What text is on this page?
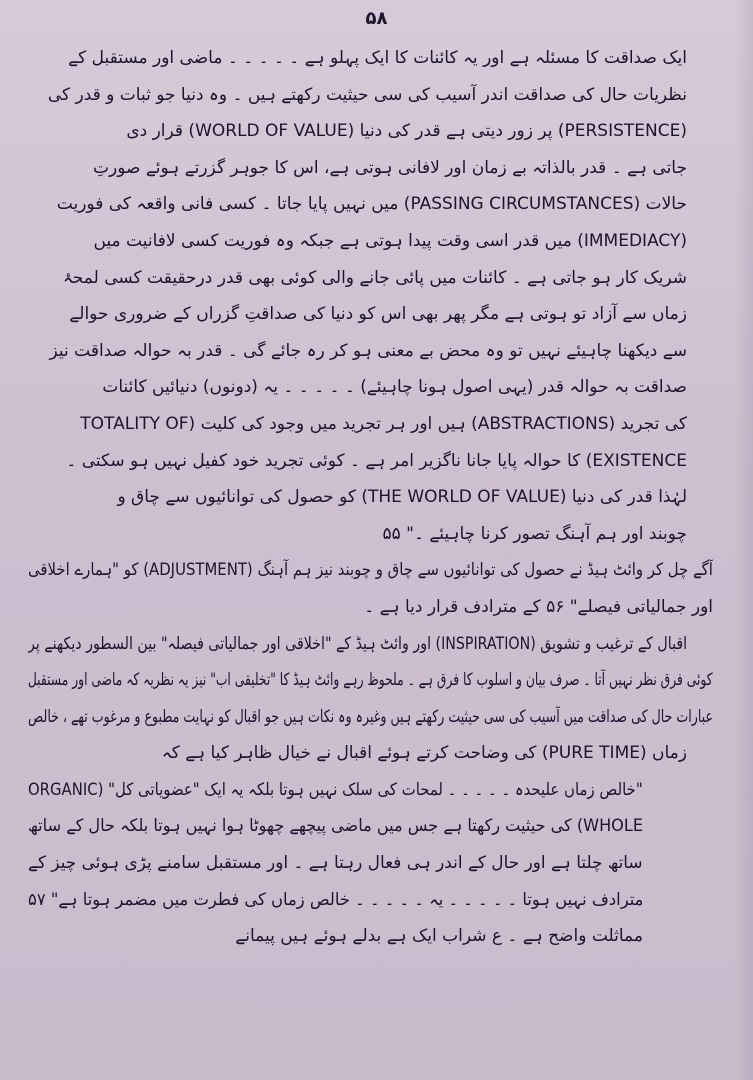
۵۸
ایک صداقت کا مسئلہ ہے اور یہ کائنات کا ایک پہلو ہے ۔ ۔ ۔ ۔ ۔ ماضی اور مستقبل کے
نظریات حال کی صداقت اندر آسیب کی سی حیثیت رکھتے ہیں ۔ وہ دنیا جو ثبات و قدر کی
(PERSISTENCE) پر زور دیتی ہے قدر کی دنیا (WORLD OF VALUE) قرار دی
جاتی ہے ۔ قدر بالذاتہ بے زمان اور لافانی ہوتی ہے، اس کا جوہر گزرتے ہوئے صورتِ
حالات (PASSING CIRCUMSTANCES) میں نہیں پایا جاتا ۔ کسی فانی واقعہ کی فوریت
(IMMEDIACY) میں قدر اسی وقت پیدا ہوتی ہے جبکہ وہ فوریت کسی لافانیت میں
شریک کار ہو جاتی ہے ۔ کائنات میں پائی جانے والی کوئی بھی قدر درحقیقت کسی لمحۂ
زماں سے آزاد تو ہوتی ہے مگر پھر بھی اس کو دنیا کی صداقتِ گزراں کے ضروری حوالے
سے دیکھنا چاہیئے نہیں تو وہ محض بے معنی ہو کر رہ جائے گی ۔ قدر بہ حوالہ صداقت نیز
صداقت بہ حوالہ قدر (یہی اصول ہونا چاہیئے) ۔ ۔ ۔ ۔ ۔ یہ (دونوں) دنیائیں کائنات
کی تجرید (ABSTRACTIONS) ہیں اور ہر تجرید میں وجود کی کلیت (TOTALITY OF
EXISTENCE) کا حوالہ پایا جانا ناگزیر امر ہے ۔ کوئی تجرید خود کفیل نہیں ہو سکتی ۔
لہٰذا قدر کی دنیا (THE WORLD OF VALUE) کو حصول کی توانائیوں سے چاق و
چوبند اور ہم آہنگ تصور کرنا چاہیئے ۔" ۵۵
آگے چل کر وائٹ ہیڈ نے حصول کی توانائیوں سے چاق و چوبند نیز ہم آہنگ (ADJUSTMENT) کو "ہمارے اخلاقی
اور جمالیاتی فیصلے" ۵۶ کے مترادف قرار دیا ہے ۔
اقبال کے ترغیب و تشویق (INSPIRATION) اور وائٹ ہیڈ کے "اخلاقی اور جمالیاتی فیصلہ" بین السطور دیکھنے پر
کوئی فرق نظر نہیں آتا ۔ صرف بیان و اسلوب کا فرق ہے ۔ ملحوظ رہے وائٹ ہیڈ کا "تخلیقی اب" نیز یہ نظریہ کہ ماضی اور مستقبل
عبارات حال کی صداقت میں آسیب کی سی حیثیت رکھتے ہیں وغیرہ وہ نکات ہیں جو اقبال کو نہایت مطبوع و مرغوب تھے ، خالص
زماں (PURE TIME) کی وضاحت کرتے ہوئے اقبال نے خیال ظاہر کیا ہے کہ
"خالص زماں علیحدہ ۔ ۔ ۔ ۔ ۔ لمحات کی سلک نہیں ہوتا بلکہ یہ ایک "عضویاتی کل" (ORGANIC
WHOLE) کی حیثیت رکھتا ہے جس میں ماضی پیچھے چھوٹا ہوا نہیں ہوتا بلکہ حال کے ساتھ
ساتھ چلتا ہے اور حال کے اندر ہی فعال رہتا ہے ۔ اور مستقبل سامنے پڑی ہوئی چیز کے
مترادف نہیں ہوتا ۔ ۔ ۔ ۔ ۔ یہ ۔ ۔ ۔ ۔ ۔ خالص زماں کی فطرت میں مضمر ہوتا ہے" ۵۷
مماثلت واضح ہے ۔ ع شراب ایک ہے بدلے ہوئے ہیں پیمانے
